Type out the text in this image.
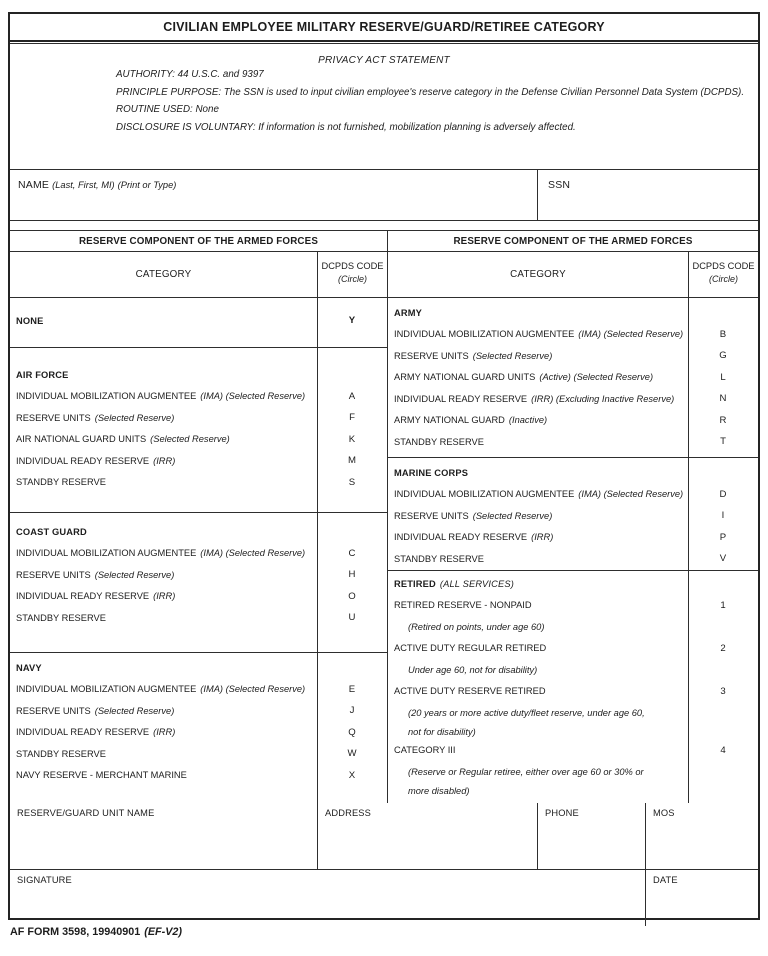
CIVILIAN EMPLOYEE MILITARY RESERVE/GUARD/RETIREE CATEGORY
PRIVACY ACT STATEMENT
AUTHORITY: 44 U.S.C. and 9397
PRINCIPLE PURPOSE: The SSN is used to input civilian employee's reserve category in the Defense Civilian Personnel Data System (DCPDS).
ROUTINE USED: None
DISCLOSURE IS VOLUNTARY: If information is not furnished, mobilization planning is adversely affected.
NAME (Last, First, MI) (Print or Type)	SSN
RESERVE COMPONENT OF THE ARMED FORCES
CATEGORY
DCPDS CODE
(Circle)
NONE	Y
AIR FORCE
INDIVIDUAL MOBILIZATION AUGMENTEE (IMA) (Selected Reserve)	A
RESERVE UNITS (Selected Reserve)	F
AIR NATIONAL GUARD UNITS (Selected Reserve)	K
INDIVIDUAL READY RESERVE (IRR)	M
STANDBY RESERVE	S
COAST GUARD
INDIVIDUAL MOBILIZATION AUGMENTEE (IMA) (Selected Reserve)	C
RESERVE UNITS (Selected Reserve)	H
INDIVIDUAL READY RESERVE (IRR)	O
STANDBY RESERVE	U
NAVY
INDIVIDUAL MOBILIZATION AUGMENTEE (IMA) (Selected Reserve)	E
RESERVE UNITS (Selected Reserve)	J
INDIVIDUAL READY RESERVE (IRR)	Q
STANDBY RESERVE	W
NAVY RESERVE - MERCHANT MARINE	X
RESERVE COMPONENT OF THE ARMED FORCES
CATEGORY
DCPDS CODE
(Circle)
ARMY
INDIVIDUAL MOBILIZATION AUGMENTEE (IMA) (Selected Reserve)	B
RESERVE UNITS (Selected Reserve)	G
ARMY NATIONAL GUARD UNITS (Active) (Selected Reserve)	L
INDIVIDUAL READY RESERVE (IRR) (Excluding Inactive Reserve)	N
ARMY NATIONAL GUARD (Inactive)	R
STANDBY RESERVE	T
MARINE CORPS
INDIVIDUAL MOBILIZATION AUGMENTEE (IMA) (Selected Reserve)	D
RESERVE UNITS (Selected Reserve)	I
INDIVIDUAL READY RESERVE (IRR)	P
STANDBY RESERVE	V
RETIRED (ALL SERVICES)
RETIRED RESERVE - NONPAID	1
(Retired on points, under age 60)
ACTIVE DUTY REGULAR RETIRED	2
Under age 60, not for disability)
ACTIVE DUTY RESERVE RETIRED	3
(20 years or more active duty/fleet reserve, under age 60,
not for disability)
CATEGORY III	4
(Reserve or Regular retiree, either over age 60 or 30% or
more disabled)
RESERVE/GUARD UNIT NAME	ADDRESS	PHONE	MOS
SIGNATURE	DATE
AF FORM 3598, 19940901 (EF-V2)
